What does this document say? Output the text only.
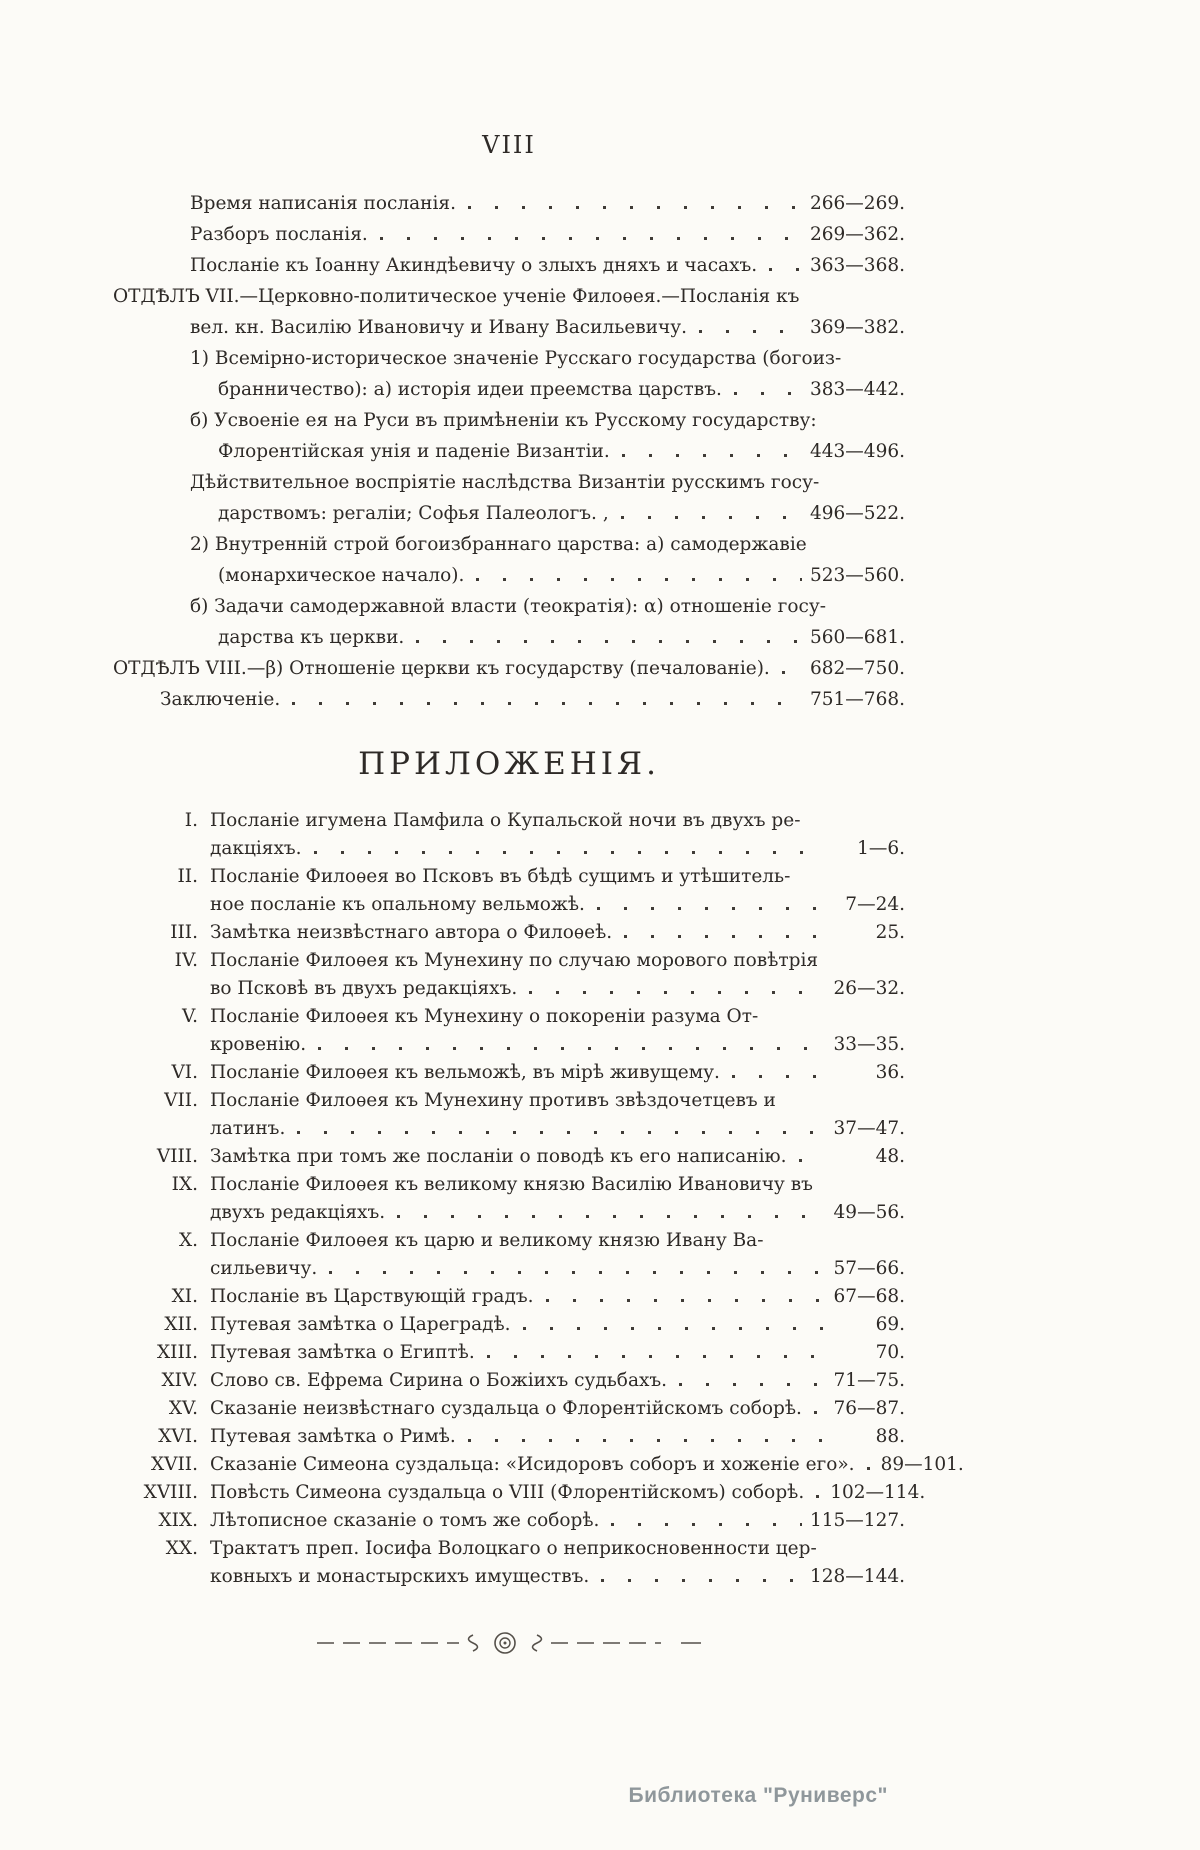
VIII
Время написанія посланія.	266—269.
Разборъ посланія.	269—362.
Посланіе къ Іоанну Акиндѣевичу о злыхъ дняхъ и часахъ.	363—368.
ОТДѢЛЪ VII.—Церковно-политическое ученіе Филоѳея.—Посланія къ
вел. кн. Василію Ивановичу и Ивану Васильевичу.	369—382.
1) Всемірно-историческое значеніе Русскаго государства (богоиз-
бранничество): а) исторія идеи преемства царствъ.	383—442.
б) Усвоеніе ея на Руси въ примѣненіи къ Русскому государству:
Флорентійская унія и паденіе Византіи.	443—496.
Дѣйствительное воспріятіе наслѣдства Византіи русскимъ госу-
дарствомъ: регаліи; Софья Палеологъ. ,	496—522.
2) Внутренній строй богоизбраннаго царства: а) самодержавіе
(монархическое начало).	523—560.
б) Задачи самодержавной власти (теократія): α) отношеніе госу-
дарства къ церкви.	560—681.
ОТДѢЛЪ VIII.—β) Отношеніе церкви къ государству (печалованіе). 682—750.
Заключеніе.	751—768.
ПРИЛОЖЕНІЯ.
I. Посланіе игумена Памфила о Купальской ночи въ двухъ ре-
дакціяхъ.	1—6.
II. Посланіе Филоѳея во Псковъ въ бѣдѣ сущимъ и утѣшитель-
ное посланіе къ опальному вельможѣ.	7—24.
III. Замѣтка неизвѣстнаго автора о Филоѳеѣ.	25.
IV. Посланіе Филоѳея къ Мунехину по случаю морового повѣтрія
во Псковѣ въ двухъ редакціяхъ.	26—32.
V. Посланіе Филоѳея къ Мунехину о покореніи разума От-
кровенію.	33—35.
VI. Посланіе Филоѳея къ вельможѣ, въ мірѣ живущему.	36.
VII. Посланіе Филоѳея къ Мунехину противъ звѣздочетцевъ и
латинъ.	37—47.
VIII. Замѣтка при томъ же посланіи о поводѣ къ его написанію.	48.
IX. Посланіе Филоѳея къ великому князю Василію Ивановичу въ
двухъ редакціяхъ.	49—56.
X. Посланіе Филоѳея къ царю и великому князю Ивану Ва-
сильевичу.	57—66.
XI. Посланіе въ Царствующій градъ.	67—68.
XII. Путевая замѣтка о Цареградѣ.	69.
XIII. Путевая замѣтка о Египтѣ.	70.
XIV. Слово св. Ефрема Сирина о Божіихъ судьбахъ.	71—75.
XV. Сказаніе неизвѣстнаго суздальца о Флорентійскомъ соборѣ. 76—87.
XVI. Путевая замѣтка о Римѣ.	88.
XVII. Сказаніе Симеона суздальца: «Исидоровъ соборъ и хоженіе его». 89—101.
XVIII. Повѣсть Симеона суздальца о VIII (Флорентійскомъ) соборѣ. 102—114.
XIX. Лѣтописное сказаніе о томъ же соборѣ.	115—127.
XX. Трактатъ преп. Іосифа Волоцкаго о неприкосновенности цер-
ковныхъ и монастырскихъ имуществъ.	128—144.
Библиотека "Руниверс"
